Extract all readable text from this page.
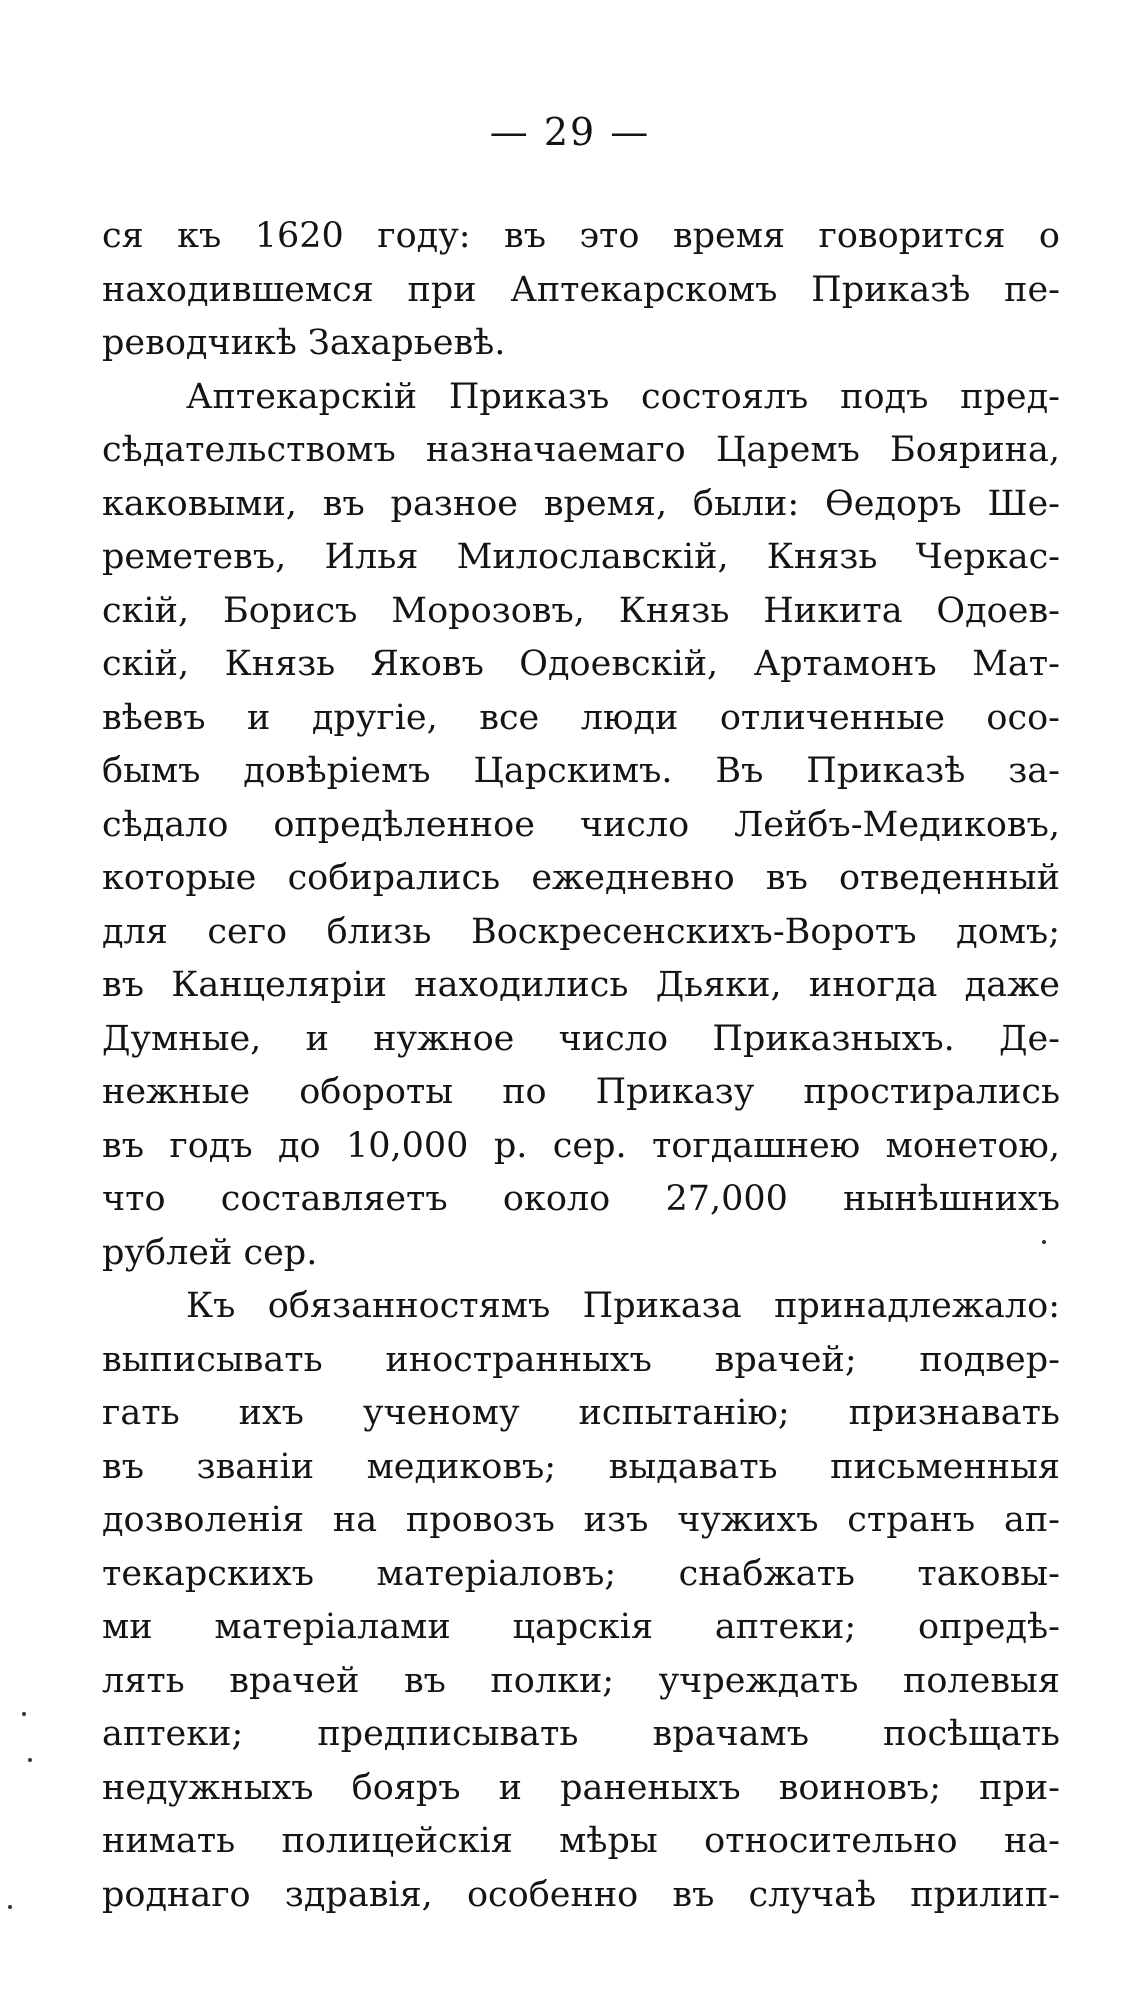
— 29 —
ся къ 1620 году: въ это время говорится о
находившемся при Аптекарскомъ Приказѣ пе-
реводчикѣ Захарьевѣ.
Аптекарскій Приказъ состоялъ подъ пред-
сѣдательствомъ назначаемаго Царемъ Боярина,
каковыми, въ разное время, были: Ѳедоръ Ше-
реметевъ, Илья Милославскій, Князь Черкас-
скій, Борисъ Морозовъ, Князь Никита Одоев-
скій, Князь Яковъ Одоевскій, Артамонъ Мат-
вѣевъ и другіе, все люди отличенные осо-
бымъ довѣріемъ Царскимъ. Въ Приказѣ за-
сѣдало опредѣленное число Лейбъ-Медиковъ,
которые собирались ежедневно въ отведенный
для сего близь Воскресенскихъ-Воротъ домъ;
въ Канцеляріи находились Дьяки, иногда даже
Думные, и нужное число Приказныхъ. Де-
нежные обороты по Приказу простирались
въ годъ до 10,000 р. сер. тогдашнею монетою,
что составляетъ около 27,000 нынѣшнихъ
рублей сер.
Къ обязанностямъ Приказа принадлежало:
выписывать иностранныхъ врачей; подвер-
гать ихъ ученому испытанію; признавать
въ званіи медиковъ; выдавать письменныя
дозволенія на провозъ изъ чужихъ странъ ап-
текарскихъ матеріаловъ; снабжать таковы-
ми матеріалами царскія аптеки; опредѣ-
лять врачей въ полки; учреждать полевыя
аптеки; предписывать врачамъ посѣщать
недужныхъ бояръ и раненыхъ воиновъ; при-
нимать полицейскія мѣры относительно на-
роднаго здравія, особенно въ случаѣ прилип-
